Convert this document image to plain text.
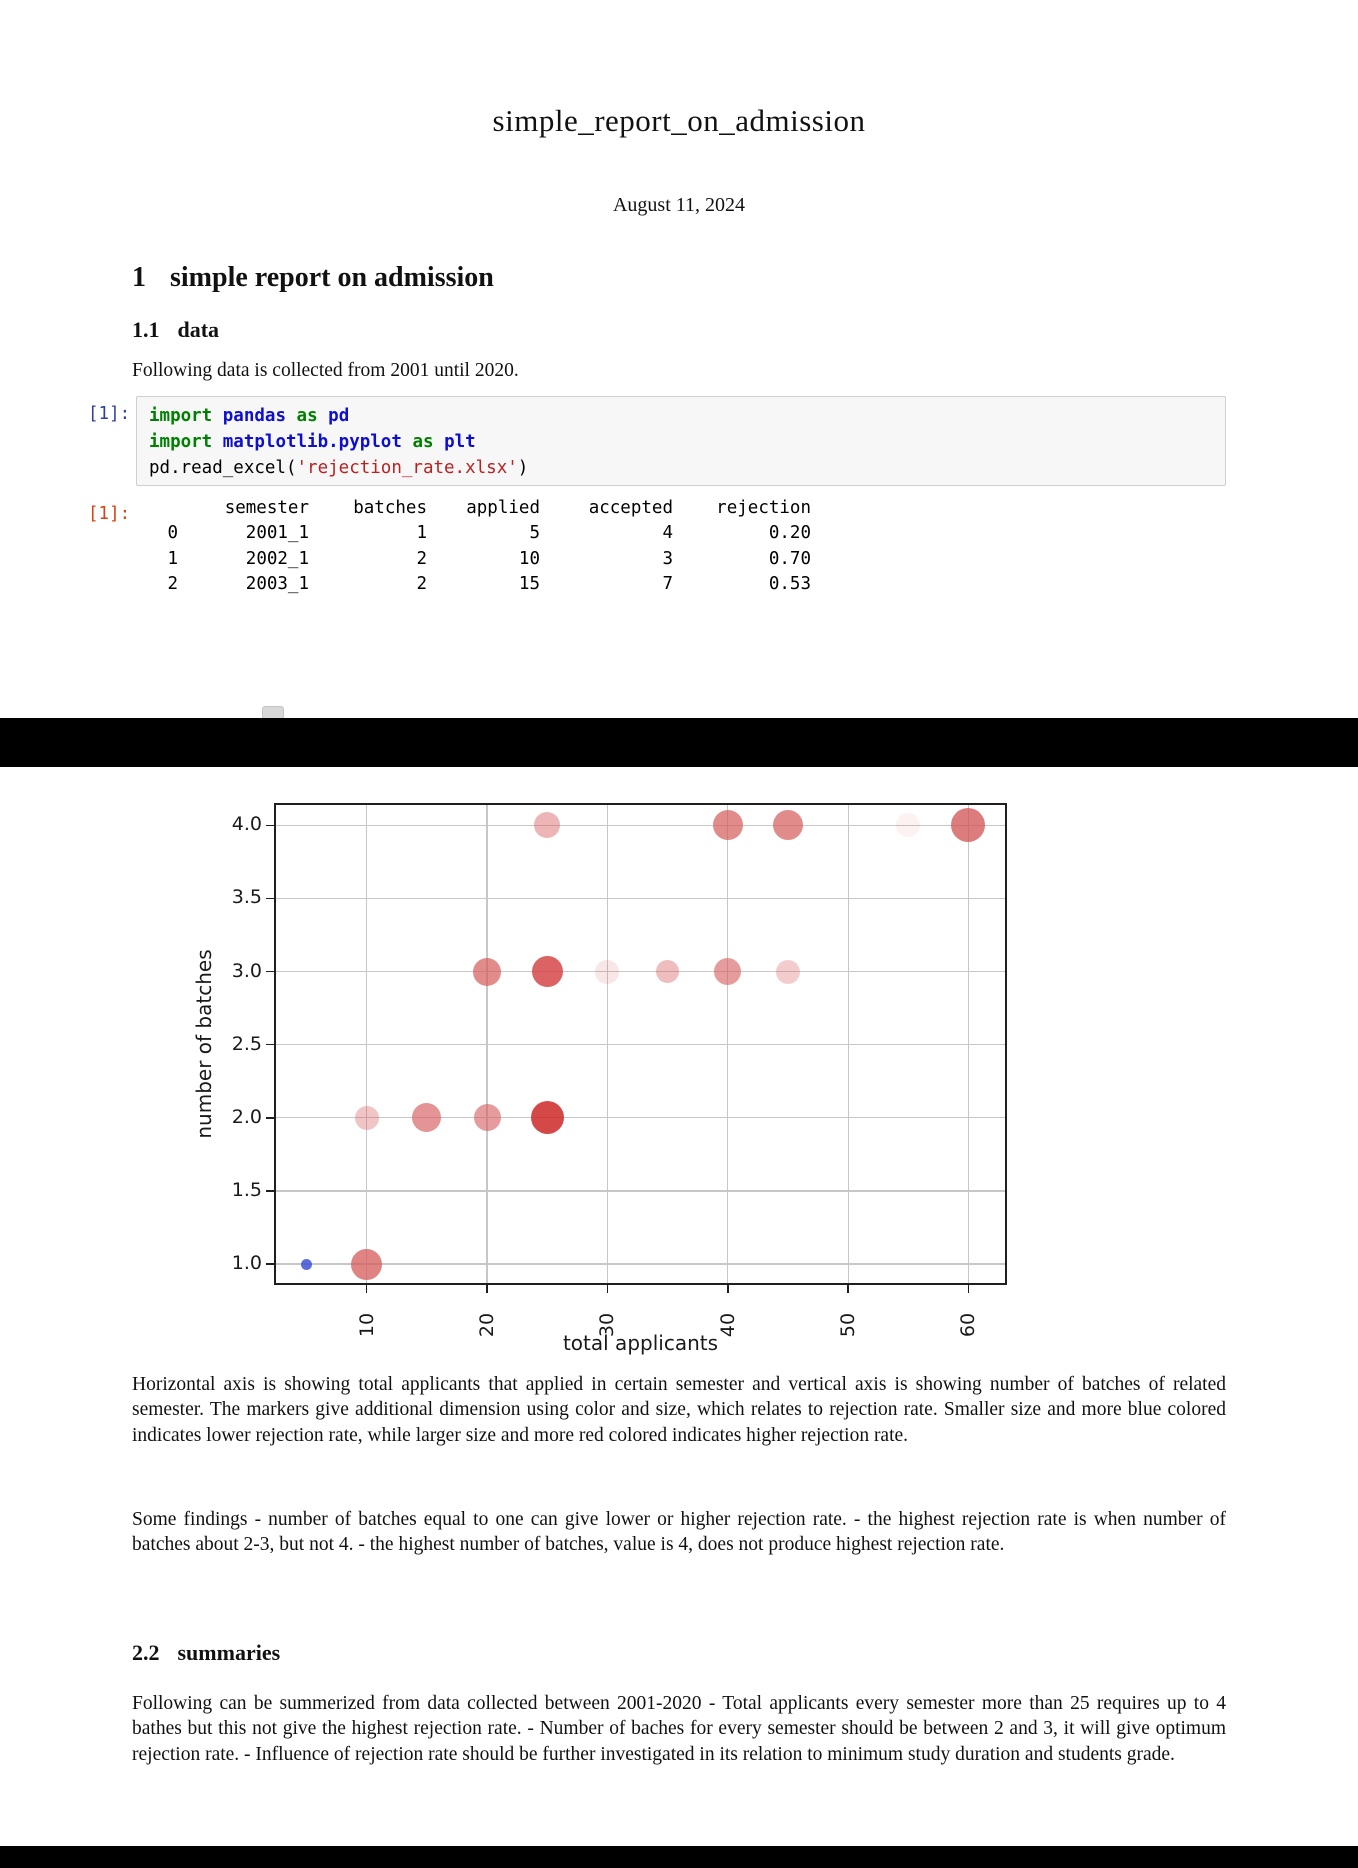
simple_report_on_admission
August 11, 2024
1 simple report on admission
1.1 data
Following data is collected from 2001 until 2020.
[1]:	import pandas as pd
import matplotlib.pyplot as plt
pd.read_excel('rejection_rate.xlsx')
[1]:
		semester	batches	applied	accepted	rejection
0	2001_1	1	5	4	0.20
1	2002_1	2	10	3	0.70
2	2003_1	2	15	7	0.53
number of batches
total applicants
10	20	30	40	50	60
1.0
1.5
2.0
2.5
3.0
3.5
4.0
Horizontal axis is showing total applicants that applied in certain semester and vertical axis is showing number of batches of related semester. The markers give additional dimension using color and size, which relates to rejection rate. Smaller size and more blue colored indicates lower rejection rate, while larger size and more red colored indicates higher rejection rate.
Some findings - number of batches equal to one can give lower or higher rejection rate. - the highest rejection rate is when number of batches about 2-3, but not 4. - the highest number of batches, value is 4, does not produce highest rejection rate.
2.2 summaries
Following can be summerized from data collected between 2001-2020 - Total applicants every semester more than 25 requires up to 4 bathes but this not give the highest rejection rate. - Number of baches for every semester should be between 2 and 3, it will give optimum rejection rate. - Influence of rejection rate should be further investigated in its relation to minimum study duration and students grade.
